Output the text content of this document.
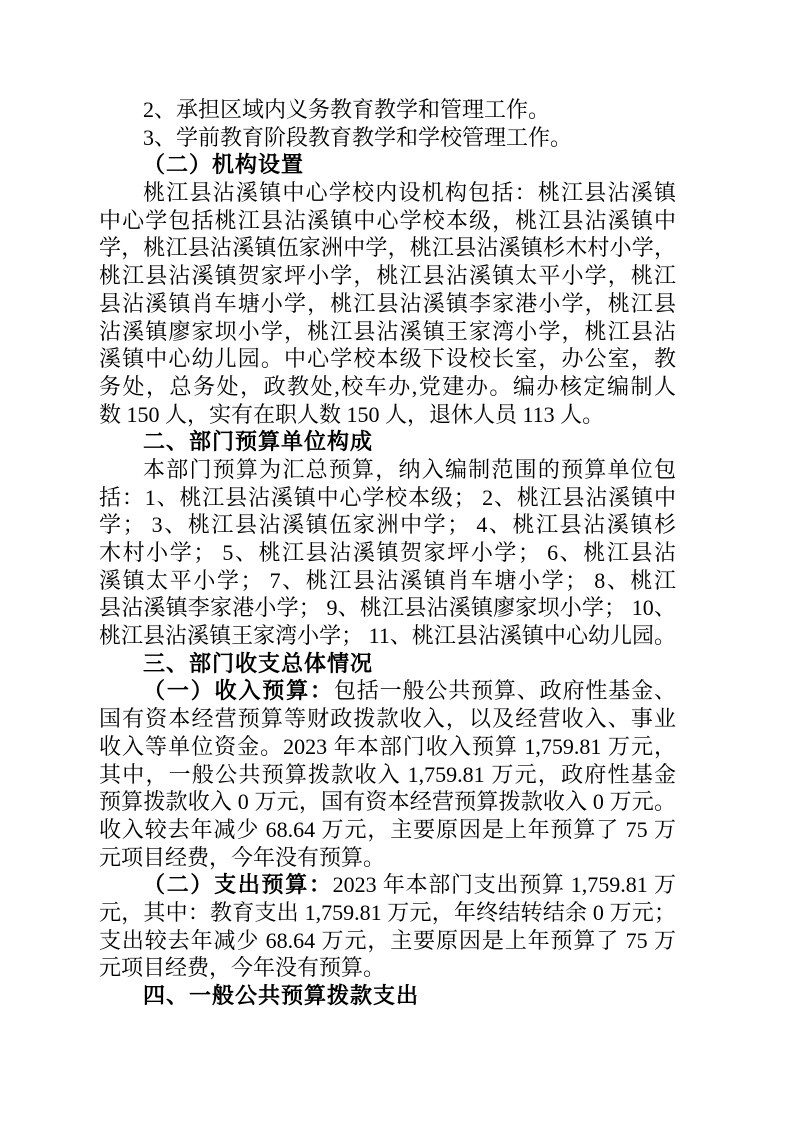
2、承担区域内义务教育教学和管理工作。
3、学前教育阶段教育教学和学校管理工作。
（二）机构设置
桃江县沾溪镇中心学校内设机构包括：桃江县沾溪镇
中心学包括桃江县沾溪镇中心学校本级，桃江县沾溪镇中
学，桃江县沾溪镇伍家洲中学，桃江县沾溪镇杉木村小学，
桃江县沾溪镇贺家坪小学，桃江县沾溪镇太平小学，桃江
县沾溪镇肖车塘小学，桃江县沾溪镇李家港小学，桃江县
沾溪镇廖家坝小学，桃江县沾溪镇王家湾小学，桃江县沾
溪镇中心幼儿园。中心学校本级下设校长室，办公室，教
务处，总务处，政教处,校车办,党建办。编办核定编制人
数 150 人，实有在职人数 150 人，退休人员 113 人。
二、部门预算单位构成
本部门预算为汇总预算，纳入编制范围的预算单位包
括：1、桃江县沾溪镇中心学校本级； 2、桃江县沾溪镇中
学； 3、桃江县沾溪镇伍家洲中学； 4、桃江县沾溪镇杉
木村小学； 5、桃江县沾溪镇贺家坪小学； 6、桃江县沾
溪镇太平小学； 7、桃江县沾溪镇肖车塘小学； 8、桃江
县沾溪镇李家港小学； 9、桃江县沾溪镇廖家坝小学； 10、
桃江县沾溪镇王家湾小学； 11、桃江县沾溪镇中心幼儿园。
三、部门收支总体情况
（一）收入预算：包括一般公共预算、政府性基金、
国有资本经营预算等财政拨款收入，以及经营收入、事业
收入等单位资金。2023 年本部门收入预算 1,759.81 万元，
其中，一般公共预算拨款收入 1,759.81 万元，政府性基金
预算拨款收入 0 万元，国有资本经营预算拨款收入 0 万元。
收入较去年减少 68.64 万元，主要原因是上年预算了 75 万
元项目经费，今年没有预算。
（二）支出预算：2023 年本部门支出预算 1,759.81 万
元，其中：教育支出 1,759.81 万元，年终结转结余 0 万元；
支出较去年减少 68.64 万元，主要原因是上年预算了 75 万
元项目经费，今年没有预算。
四、一般公共预算拨款支出
